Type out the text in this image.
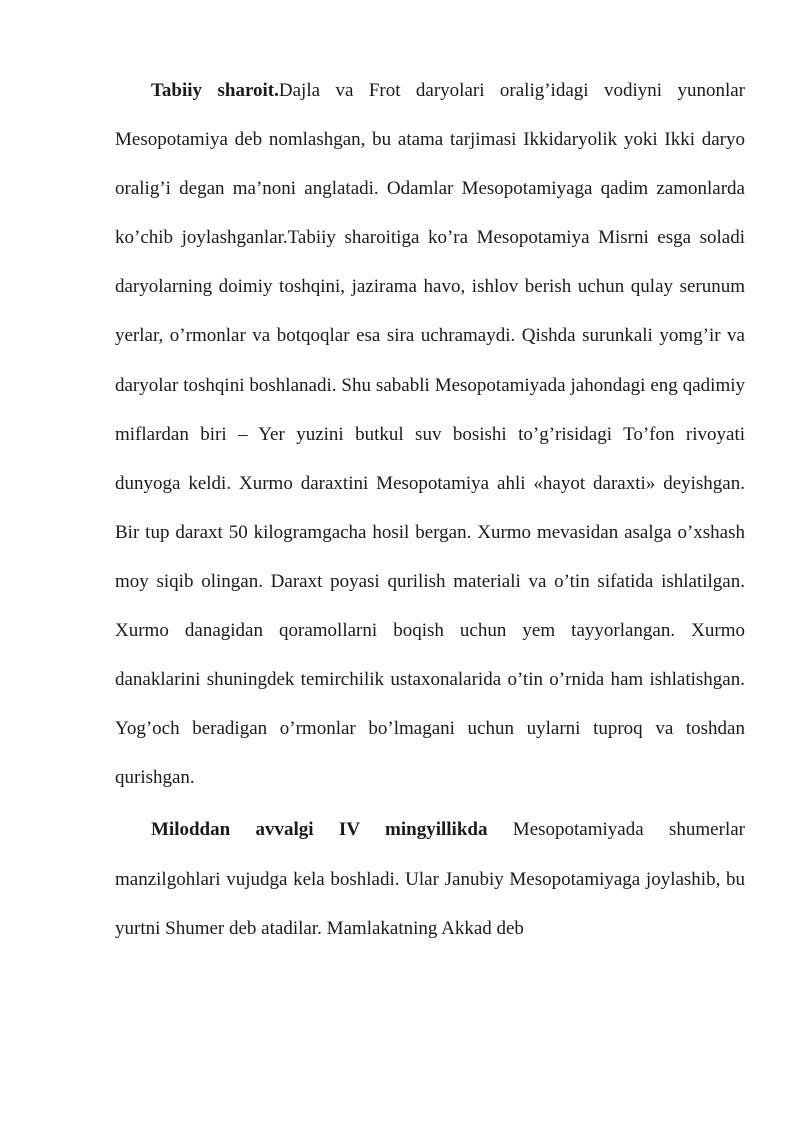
Tabiiy sharoit.Dajla va Frot daryolari oralig’idagi vodiyni yunonlar Mesopotamiya deb nomlashgan, bu atama tarjimasi Ikkidaryolik yoki Ikki daryo oralig’i degan ma’noni anglatadi. Odamlar Mesopotamiyaga qadim zamonlarda ko’chib joylashganlar.Tabiiy sharoitiga ko’ra Mesopotamiya Misrni esga soladi daryolarning doimiy toshqini, jazirama havo, ishlov berish uchun qulay serunum yerlar, o’rmonlar va botqoqlar esa sira uchramaydi. Qishda surunkali yomg’ir va daryolar toshqini boshlanadi. Shu sababli Mesopotamiyada jahondagi eng qadimiy miflardan biri – Yer yuzini butkul suv bosishi to’g’risidagi To’fon rivoyati dunyoga keldi. Xurmo daraxtini Mesopotamiya ahli «hayot daraxti» deyishgan. Bir tup daraxt 50 kilogramgacha hosil bergan. Xurmo mevasidan asalga o’xshash moy siqib olingan. Daraxt poyasi qurilish materiali va o’tin sifatida ishlatilgan. Xurmo danagidan qoramollarni boqish uchun yem tayyorlangan. Xurmo danaklarini shuningdek temirchilik ustaxonalarida o’tin o’rnida ham ishlatishgan. Yog’och beradigan o’rmonlar bo’lmagani uchun uylarni tuproq va toshdan qurishgan.

Miloddan avvalgi IV mingyillikda Mesopotamiyada shumerlar manzilgohlari vujudga kela boshladi. Ular Janubiy Mesopotamiyaga joylashib, bu yurtni Shumer deb atadilar. Mamlakatning Akkad deb
